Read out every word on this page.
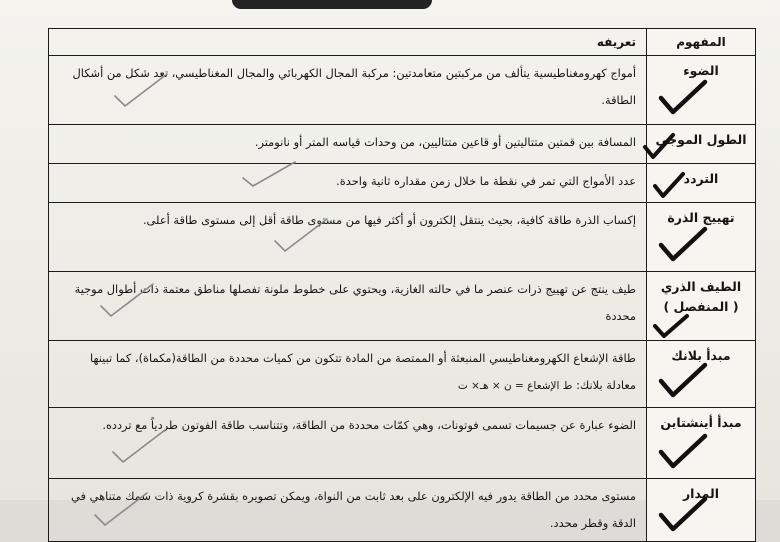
المفهوم	تعريفه

الضوء	أمواج كهرومغناطيسية يتألف من مركبتين متعامدتين: مركبة المجال الكهربائي والمجال المغناطيسي، تعد شكل من أشكال الطاقة.

الطول الموجي	المسافة بين قمتين متتاليتين أو قاعين متتاليين، من وحدات قياسه المتر أو نانومتر.

التردد	عدد الأمواج التي تمر في نقطة ما خلال زمن مقداره ثانية واحدة.

تهييج الذرة	إكساب الذرة طاقة كافية، بحيث ينتقل إلكترون أو أكثر فيها من مستوى طاقة أقل إلى مستوى طاقة أعلى.

الطيف الذري
( المنفصل )	طيف ينتج عن تهييج ذرات عنصر ما في حالته الغازية، ويحتوي على خطوط ملونة تفصلها مناطق معتمة ذات أطوال موجية محددة

مبدأ بلانك	طاقة الإشعاع الكهرومغناطيسي المنبعثة أو الممتصة من المادة تتكون من كميات محددة من الطاقة(مكماة)، كما تبينها معادلة بلانك: ط الإشعاع = ن × هـ× ت

مبدأ أينشتاين	الضوء عبارة عن جسيمات تسمى فوتونات، وهي كمّات محددة من الطاقة، وتتناسب طاقة الفوتون طردياً مع تردده.

المدار	مستوى محدد من الطاقة يدور فيه الإلكترون على بعد ثابت من النواة، ويمكن تصويره بقشرة كروية ذات سمك متناهي في الدقة وقطر محدد.
